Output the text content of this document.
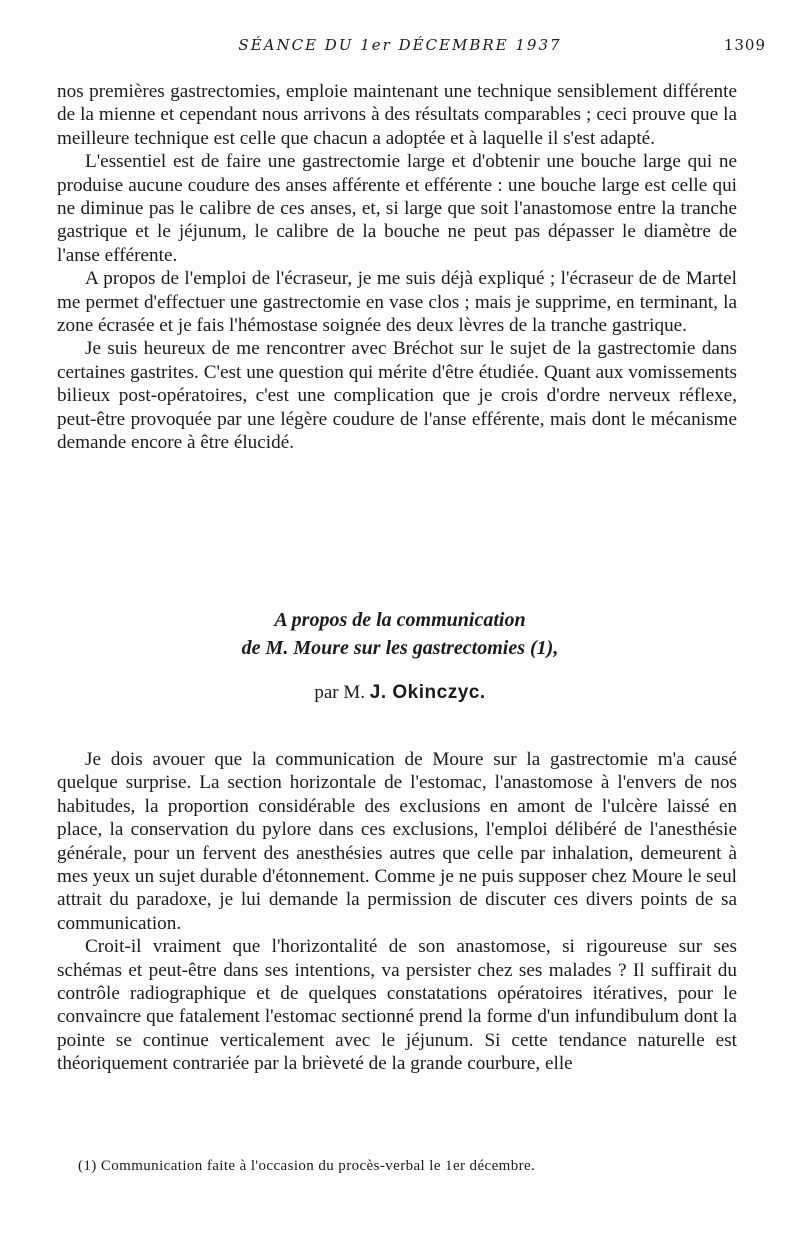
SÉANCE DU 1er DÉCEMBRE 1937	1309

nos premières gastrectomies, emploie maintenant une technique sensiblement différente de la mienne et cependant nous arrivons à des résultats comparables ; ceci prouve que la meilleure technique est celle que chacun a adoptée et à laquelle il s'est adapté.

L'essentiel est de faire une gastrectomie large et d'obtenir une bouche large qui ne produise aucune coudure des anses afférente et efférente : une bouche large est celle qui ne diminue pas le calibre de ces anses, et, si large que soit l'anastomose entre la tranche gastrique et le jéjunum, le calibre de la bouche ne peut pas dépasser le diamètre de l'anse efférente.

A propos de l'emploi de l'écraseur, je me suis déjà expliqué ; l'écraseur de de Martel me permet d'effectuer une gastrectomie en vase clos ; mais je supprime, en terminant, la zone écrasée et je fais l'hémostase soignée des deux lèvres de la tranche gastrique.

Je suis heureux de me rencontrer avec Bréchot sur le sujet de la gastrectomie dans certaines gastrites. C'est une question qui mérite d'être étudiée. Quant aux vomissements bilieux post-opératoires, c'est une complication que je crois d'ordre nerveux réflexe, peut-être provoquée par une légère coudure de l'anse efférente, mais dont le mécanisme demande encore à être élucidé.

A propos de la communication
de M. Moure sur les gastrectomies (1),
par M. J. Okinczyc.

Je dois avouer que la communication de Moure sur la gastrectomie m'a causé quelque surprise. La section horizontale de l'estomac, l'anastomose à l'envers de nos habitudes, la proportion considérable des exclusions en amont de l'ulcère laissé en place, la conservation du pylore dans ces exclusions, l'emploi délibéré de l'anesthésie générale, pour un fervent des anesthésies autres que celle par inhalation, demeurent à mes yeux un sujet durable d'étonnement. Comme je ne puis supposer chez Moure le seul attrait du paradoxe, je lui demande la permission de discuter ces divers points de sa communication.

Croit-il vraiment que l'horizontalité de son anastomose, si rigoureuse sur ses schémas et peut-être dans ses intentions, va persister chez ses malades ? Il suffirait du contrôle radiographique et de quelques constatations opératoires itératives, pour le convaincre que fatalement l'estomac sectionné prend la forme d'un infundibulum dont la pointe se continue verticalement avec le jéjunum. Si cette tendance naturelle est théoriquement contrariée par la brièveté de la grande courbure, elle

(1) Communication faite à l'occasion du procès-verbal le 1er décembre.
